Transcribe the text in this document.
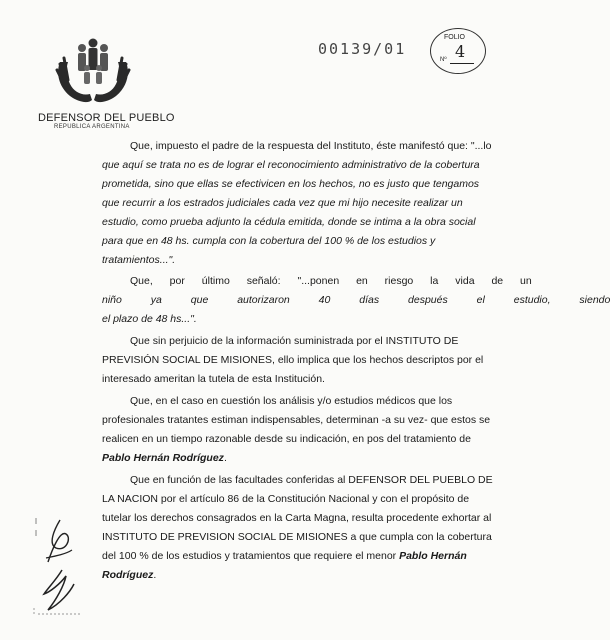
DEFENSOR DEL PUEBLO
REPUBLICA ARGENTINA
00139/01
FOLIO
4
Nº
Que, impuesto el padre de la respuesta del Instituto, éste manifestó que: "...lo
que aquí se trata no es de lograr el reconocimiento administrativo de la cobertura
prometida, sino que ellas se efectivicen en los hechos, no es justo que tengamos
que recurrir a los estrados judiciales cada vez que mi hijo necesite realizar un
estudio, como prueba adjunto la cédula emitida, donde se intima a la obra social
para que en 48 hs. cumpla con la cobertura del 100 % de los estudios y
tratamientos...".
Que, por último señaló: "...ponen en riesgo la vida de un
niño ya que autorizaron 40 días después el estudio, siendo
el plazo de 48 hs...".
Que sin perjuicio de la información suministrada por el INSTITUTO DE
PREVISIÓN SOCIAL DE MISIONES, ello implica que los hechos descriptos por el
interesado ameritan la tutela de esta Institución.
Que, en el caso en cuestión los análisis y/o estudios médicos que los
profesionales tratantes estiman indispensables, determinan -a su vez- que estos se
realicen en un tiempo razonable desde su indicación, en pos del tratamiento de
Pablo Hernán Rodríguez.
Que en función de las facultades conferidas al DEFENSOR DEL PUEBLO DE
LA NACION por el artículo 86 de la Constitución Nacional y con el propósito de
tutelar los derechos consagrados en la Carta Magna, resulta procedente exhortar al
INSTITUTO DE PREVISION SOCIAL DE MISIONES a que cumpla con la cobertura
del 100 % de los estudios y tratamientos que requiere el menor Pablo Hernán
Rodríguez.
